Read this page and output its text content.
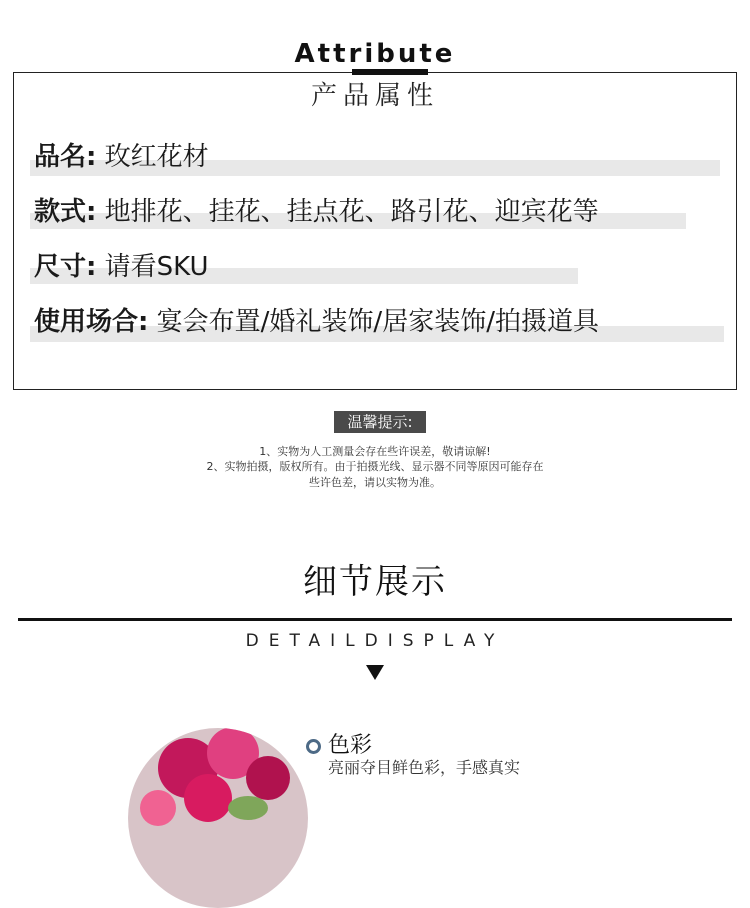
Attribute
产品属性
品名: 玫红花材
款式: 地排花、挂花、挂点花、路引花、迎宾花等
尺寸: 请看SKU
使用场合: 宴会布置/婚礼装饰/居家装饰/拍摄道具
温馨提示:
1、实物为人工测量会存在些许误差，敬请谅解!
2、实物拍摄，版权所有。由于拍摄光线、显示器不同等原因可能存在
些许色差，请以实物为准。
细节展示
DETAILDISPLAY
色彩
亮丽夺目鲜色彩，手感真实
